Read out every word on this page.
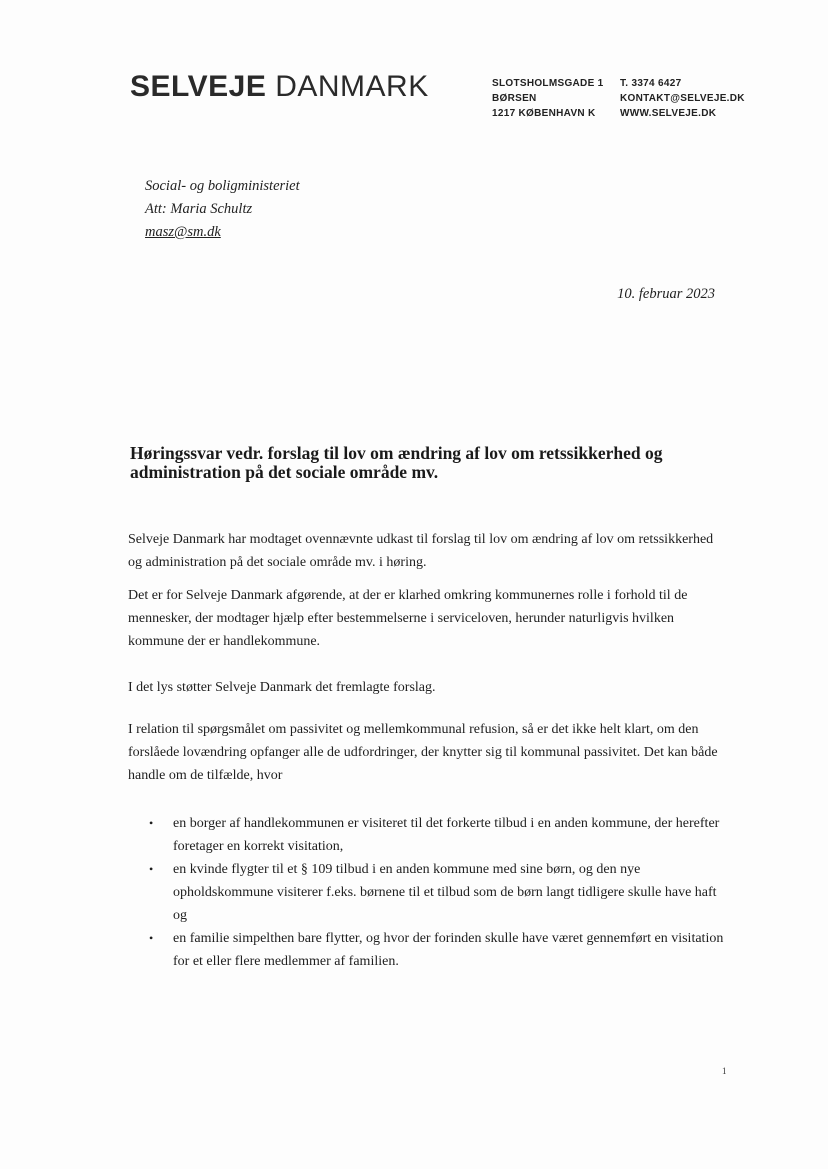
SELVEJE DANMARK	SLOTSHOLMSGADE 1
BØRSEN
1217 KØBENHAVN K
T. 3374 6427
KONTAKT@SELVEJE.DK
WWW.SELVEJE.DK
Social- og boligministeriet
Att: Maria Schultz
masz@sm.dk
10. februar 2023
Høringssvar vedr. forslag til lov om ændring af lov om retssikkerhed og administration på det sociale område mv.
Selveje Danmark har modtaget ovennævnte udkast til forslag til lov om ændring af lov om retssikkerhed og administration på det sociale område mv. i høring.
Det er for Selveje Danmark afgørende, at der er klarhed omkring kommunernes rolle i forhold til de mennesker, der modtager hjælp efter bestemmelserne i serviceloven, herunder naturligvis hvilken kommune der er handlekommune.
I det lys støtter Selveje Danmark det fremlagte forslag.
I relation til spørgsmålet om passivitet og mellemkommunal refusion, så er det ikke helt klart, om den forslåede lovændring opfanger alle de udfordringer, der knytter sig til kommunal passivitet. Det kan både handle om de tilfælde, hvor
• en borger af handlekommunen er visiteret til det forkerte tilbud i en anden kommune, der herefter foretager en korrekt visitation,
• en kvinde flygter til et § 109 tilbud i en anden kommune med sine børn, og den nye opholdskommune visiterer f.eks. børnene til et tilbud som de børn langt tidligere skulle have haft og
• en familie simpelthen bare flytter, og hvor der forinden skulle have været gennemført en visitation for et eller flere medlemmer af familien.
1
